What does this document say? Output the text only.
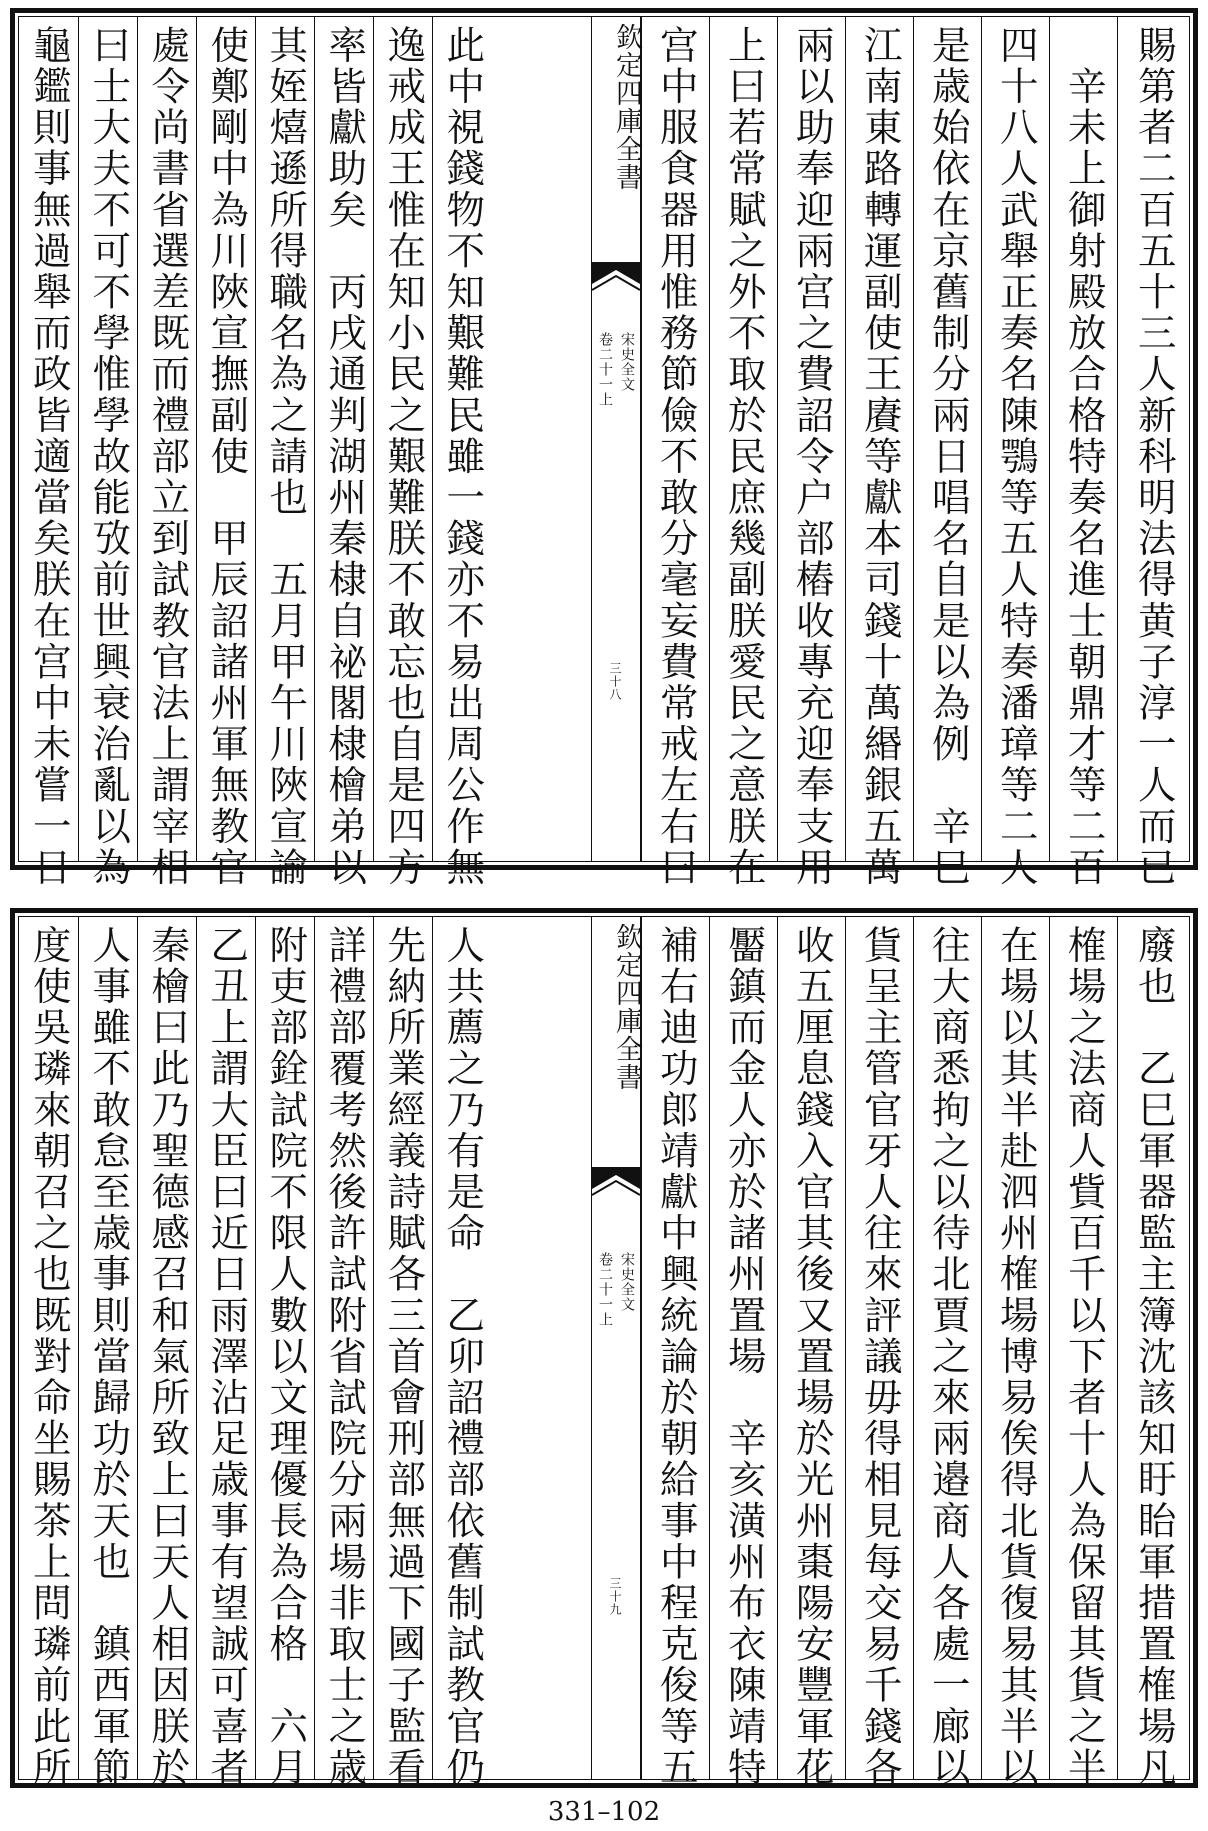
龜鑑則事無過舉而政皆適當矣朕在宫中未嘗一日 曰士大夫不可不學惟學故能攷前世興衰治亂以為 處令尚書省選差既而禮部立到試教官法上謂宰相 使鄭剛中為川陜宣撫副使　甲辰詔諸州軍無教官 其姪熺遜所得職名為之請也　五月甲午川陜宣諭 率皆獻助矣　丙戌通判湖州秦棣自祕閣棣檜弟以 逸戒成王惟在知小民之艱難朕不敢忘也自是四方 此中視錢物不知艱難民雖一錢亦不易出周公作無	欽定四庫全書
宋史全文
卷二十一上
三十八 宫中服食器用惟務節儉不敢分毫妄費常戒左右曰 上曰若常賦之外不取於民庶幾副朕愛民之意朕在 兩以助奉迎兩宫之費詔令户部樁收專充迎奉支用 江南東路轉運副使王賡等獻本司錢十萬緡銀五萬 是歳始依在京舊制分兩日唱名自是以為例　辛巳 四十八人武舉正奏名陳鶚等五人特奏潘璋等二人 　辛未上御射殿放合格特奏名進士朝鼎才等二百 賜第者二百五十三人新科明法得黄子淳一人而已
度使吳璘來朝召之也既對命坐賜茶上問璘前此所 人事雖不敢怠至歳事則當歸功於天也　鎮西軍節 秦檜曰此乃聖德感召和氣所致上曰天人相因朕於 乙丑上謂大臣曰近日雨澤沾足歳事有望誠可喜者 附吏部銓試院不限人數以文理優長為合格　六月 詳禮部覆考然後許試附省試院分兩場非取士之歳 先納所業經義詩賦各三首會刑部無過下國子監看 人共薦之乃有是命　乙卯詔禮部依舊制試教官仍	欽定四庫全書
宋史全文
卷二十一上
三十九 補右迪功郎靖獻中興統論於朝給事中程克俊等五 靨鎮而金人亦於諸州置場　辛亥潢州布衣陳靖特 收五厘息錢入官其後又置場於光州棗陽安豐軍花 貨呈主管官牙人往來評議毋得相見每交易千錢各 往大商悉拘之以待北賈之來兩邉商人各處一廊以 在場以其半赴泗州榷場博易俟得北貨復易其半以 榷場之法商人貲百千以下者十人為保留其貨之半 廢也　乙巳軍器監主簿沈該知盱眙軍措置榷場凡
331–102
